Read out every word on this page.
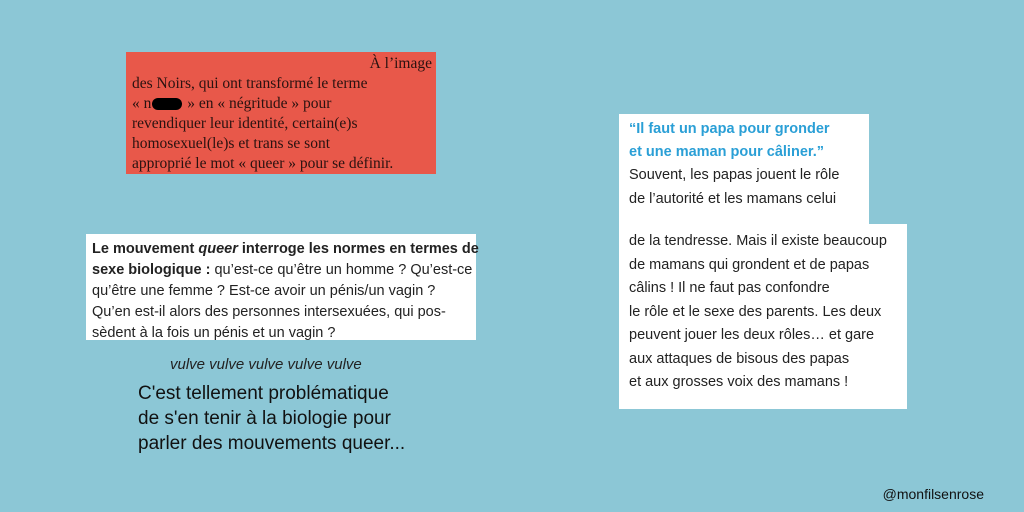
À l’image
des Noirs, qui ont transformé le terme
« n » en « négritude » pour
revendiquer leur identité, certain(e)s
homosexuel(le)s et trans se sont
approprié le mot « queer » pour se définir.
Le mouvement queer interroge les normes en termes de
sexe biologique : qu’est-ce qu’être un homme ? Qu’est-ce
qu’être une femme ? Est-ce avoir un pénis/un vagin ?
Qu’en est-il alors des personnes intersexuées, qui pos-
sèdent à la fois un pénis et un vagin ?
vulve vulve vulve vulve vulve
C'est tellement problématique
de s'en tenir à la biologie pour
parler des mouvements queer...
“Il faut un papa pour gronder
et une maman pour câliner.”
Souvent, les papas jouent le rôle
de l’autorité et les mamans celui
de la tendresse. Mais il existe beaucoup
de mamans qui grondent et de papas
câlins ! Il ne faut pas confondre
le rôle et le sexe des parents. Les deux
peuvent jouer les deux rôles… et gare
aux attaques de bisous des papas
et aux grosses voix des mamans !
@monfilsenrose
